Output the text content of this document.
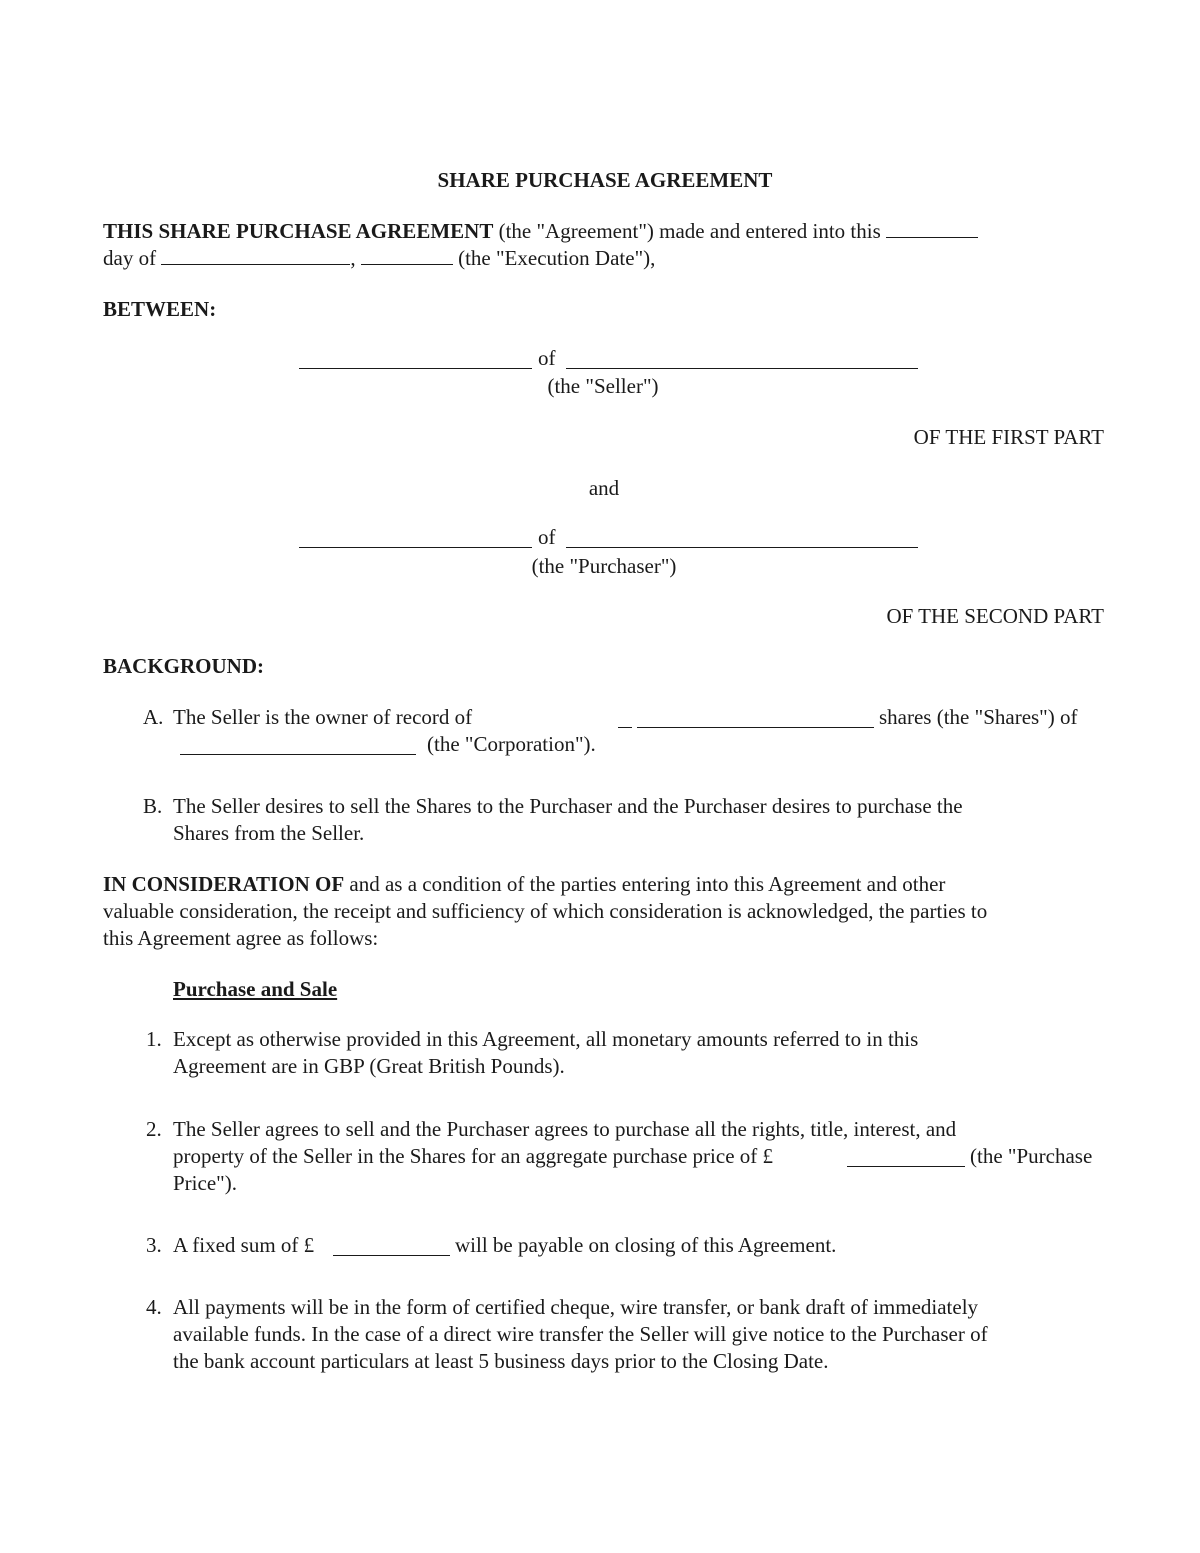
SHARE PURCHASE AGREEMENT
THIS SHARE PURCHASE AGREEMENT (the "Agreement") made and entered into this
day of	,	(the "Execution Date"),
BETWEEN:
of
(the "Seller")
OF THE FIRST PART
and
of
(the "Purchaser")
OF THE SECOND PART
BACKGROUND:
A. The Seller is the owner of record of	shares (the "Shares") of
(the "Corporation").
B. The Seller desires to sell the Shares to the Purchaser and the Purchaser desires to purchase the
Shares from the Seller.
IN CONSIDERATION OF and as a condition of the parties entering into this Agreement and other
valuable consideration, the receipt and sufficiency of which consideration is acknowledged, the parties to
this Agreement agree as follows:
Purchase and Sale
1. Except as otherwise provided in this Agreement, all monetary amounts referred to in this
Agreement are in GBP (Great British Pounds).
2. The Seller agrees to sell and the Purchaser agrees to purchase all the rights, title, interest, and
property of the Seller in the Shares for an aggregate purchase price of £	(the "Purchase
Price").
3. A fixed sum of £	will be payable on closing of this Agreement.
4. All payments will be in the form of certified cheque, wire transfer, or bank draft of immediately
available funds. In the case of a direct wire transfer the Seller will give notice to the Purchaser of
the bank account particulars at least 5 business days prior to the Closing Date.
